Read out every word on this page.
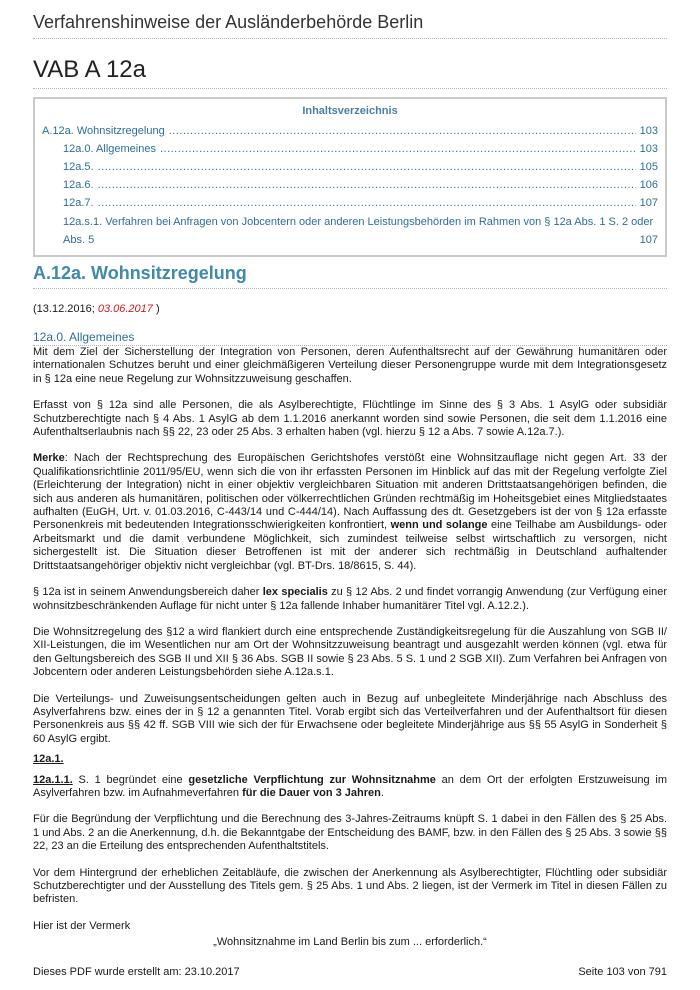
Verfahrenshinweise der Ausländerbehörde Berlin
VAB A 12a
Inhaltsverzeichnis
A.12a. Wohnsitzregelung .....	103
12a.0. Allgemeines .....	103
12a.5. .....	105
12a.6. .....	106
12a.7. .....	107
12a.s.1. Verfahren bei Anfragen von Jobcentern oder anderen Leistungsbehörden im Rahmen von § 12a Abs. 1 S. 2 oder
Abs. 5	107
A.12a. Wohnsitzregelung
(13.12.2016; 03.06.2017 )
12a.0. Allgemeines

Mit dem Ziel der Sicherstellung der Integration von Personen, deren Aufenthaltsrecht auf der Gewährung humanitären oder internationalen Schutzes beruht und einer gleichmäßigeren Verteilung dieser Personengruppe wurde mit dem Integrationsgesetz in § 12a eine neue Regelung zur Wohnsitzzuweisung geschaffen.

Erfasst von § 12a sind alle Personen, die als Asylberechtigte, Flüchtlinge im Sinne des § 3 Abs. 1 AsylG oder subsidiär Schutzberechtigte nach § 4 Abs. 1 AsylG ab dem 1.1.2016 anerkannt worden sind sowie Personen, die seit dem 1.1.2016 eine Aufenthaltserlaubnis nach §§ 22, 23 oder 25 Abs. 3 erhalten haben (vgl. hierzu § 12 a Abs. 7 sowie A.12a.7.).

Merke: Nach der Rechtsprechung des Europäischen Gerichtshofes verstößt eine Wohnsitzauflage nicht gegen Art. 33 der Qualifikationsrichtlinie 2011/95/EU, wenn sich die von ihr erfassten Personen im Hinblick auf das mit der Regelung verfolgte Ziel (Erleichterung der Integration) nicht in einer objektiv vergleichbaren Situation mit anderen Drittstaatsangehörigen befinden, die sich aus anderen als humanitären, politischen oder völkerrechtlichen Gründen rechtmäßig im Hoheitsgebiet eines Mitgliedstaates aufhalten (EuGH, Urt. v. 01.03.2016, C-443/14 und C-444/14). Nach Auffassung des dt. Gesetzgebers ist der von § 12a erfasste Personenkreis mit bedeutenden Integrationsschwierigkeiten konfrontiert, wenn und solange eine Teilhabe am Ausbildungs- oder Arbeitsmarkt und die damit verbundene Möglichkeit, sich zumindest teilweise selbst wirtschaftlich zu versorgen, nicht sichergestellt ist. Die Situation dieser Betroffenen ist mit der anderer sich rechtmäßig in Deutschland aufhaltender Drittstaatsangehöriger objektiv nicht vergleichbar (vgl. BT-Drs. 18/8615, S. 44).

§ 12a ist in seinem Anwendungsbereich daher lex specialis zu § 12 Abs. 2 und findet vorrangig Anwendung (zur Verfügung einer wohnsitzbeschränkenden Auflage für nicht unter § 12a fallende Inhaber humanitärer Titel vgl. A.12.2.).

Die Wohnsitzregelung des §12 a wird flankiert durch eine entsprechende Zuständigkeitsregelung für die Auszahlung von SGB II/ XII-Leistungen, die im Wesentlichen nur am Ort der Wohnsitzzuweisung beantragt und ausgezahlt werden können (vgl. etwa für den Geltungsbereich des SGB II und XII § 36 Abs. SGB II sowie § 23 Abs. 5 S. 1 und 2 SGB XII). Zum Verfahren bei Anfragen von Jobcentern oder anderen Leistungsbehörden siehe A.12a.s.1.

Die Verteilungs- und Zuweisungsentscheidungen gelten auch in Bezug auf unbegleitete Minderjährige nach Abschluss des Asylverfahrens bzw. eines der in § 12 a genannten Titel. Vorab ergibt sich das Verteilverfahren und der Aufenthaltsort für diesen Personenkreis aus §§ 42 ff. SGB VIII wie sich der für Erwachsene oder begleitete Minderjährige aus §§ 55 AsylG in Sonderheit § 60 AsylG ergibt.

12a.1.

12a.1.1. S. 1 begründet eine gesetzliche Verpflichtung zur Wohnsitznahme an dem Ort der erfolgten Erstzuweisung im Asylverfahren bzw. im Aufnahmeverfahren für die Dauer von 3 Jahren.

Für die Begründung der Verpflichtung und die Berechnung des 3-Jahres-Zeitraums knüpft S. 1 dabei in den Fällen des § 25 Abs. 1 und Abs. 2 an die Anerkennung, d.h. die Bekanntgabe der Entscheidung des BAMF, bzw. in den Fällen des § 25 Abs. 3 sowie §§ 22, 23 an die Erteilung des entsprechenden Aufenthaltstitels.

Vor dem Hintergrund der erheblichen Zeitabläufe, die zwischen der Anerkennung als Asylberechtigter, Flüchtling oder subsidiär Schutzberechtigter und der Ausstellung des Titels gem. § 25 Abs. 1 und Abs. 2 liegen, ist der Vermerk im Titel in diesen Fällen zu befristen.

Hier ist der Vermerk

„Wohnsitznahme im Land Berlin bis zum ... erforderlich.“
Dieses PDF wurde erstellt am: 23.10.2017	Seite 103 von 791
